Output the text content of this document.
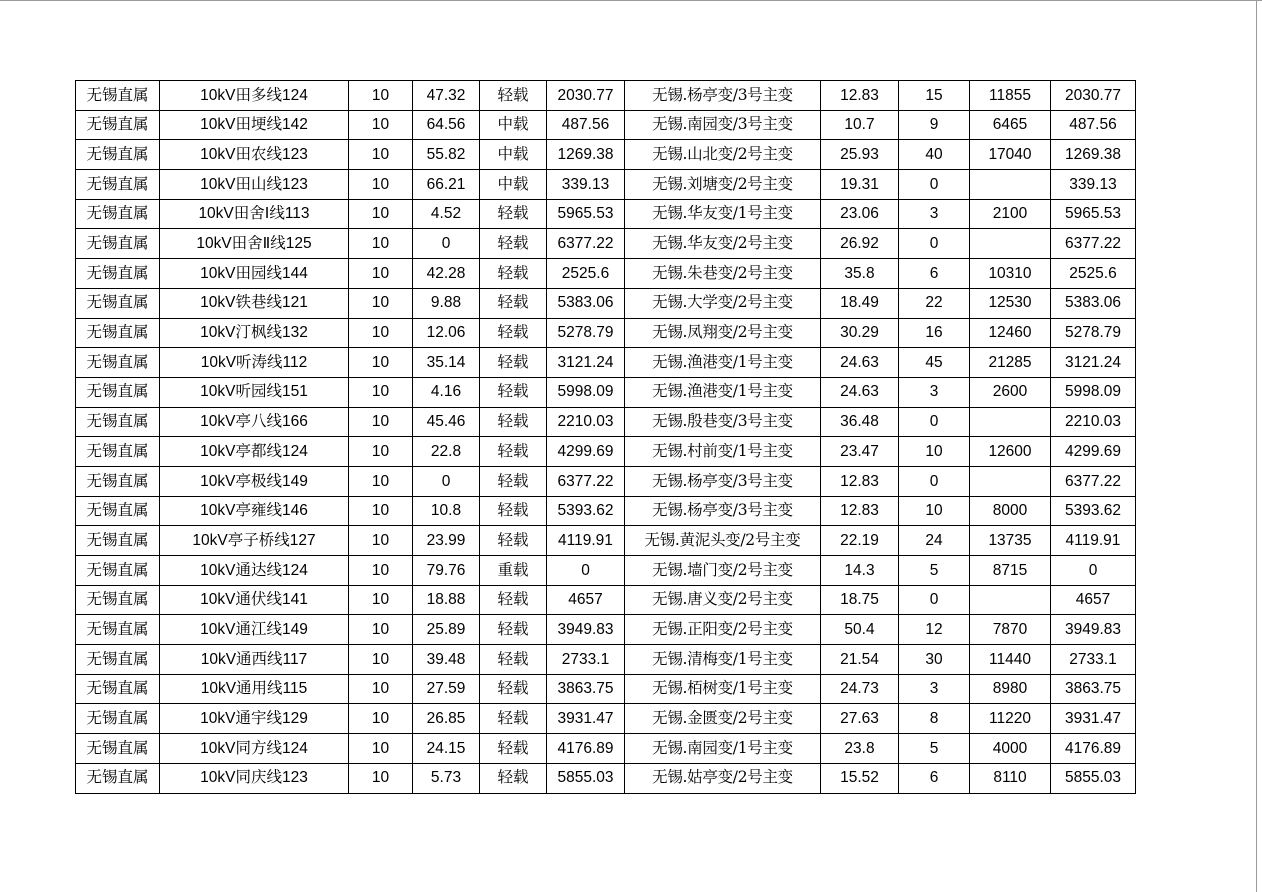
无锡直属	10kV田多线124	10	47.32	轻载	2030.77	无锡.杨亭变/3号主变	12.83	15	11855	2030.77
无锡直属	10kV田埂线142	10	64.56	中载	487.56	无锡.南园变/3号主变	10.7	9	6465	487.56
无锡直属	10kV田农线123	10	55.82	中载	1269.38	无锡.山北变/2号主变	25.93	40	17040	1269.38
无锡直属	10kV田山线123	10	66.21	中载	339.13	无锡.刘塘变/2号主变	19.31	0		339.13
无锡直属	10kV田舍Ⅰ线113	10	4.52	轻载	5965.53	无锡.华友变/1号主变	23.06	3	2100	5965.53
无锡直属	10kV田舍Ⅱ线125	10	0	轻载	6377.22	无锡.华友变/2号主变	26.92	0		6377.22
无锡直属	10kV田园线144	10	42.28	轻载	2525.6	无锡.朱巷变/2号主变	35.8	6	10310	2525.6
无锡直属	10kV铁巷线121	10	9.88	轻载	5383.06	无锡.大学变/2号主变	18.49	22	12530	5383.06
无锡直属	10kV汀枫线132	10	12.06	轻载	5278.79	无锡.凤翔变/2号主变	30.29	16	12460	5278.79
无锡直属	10kV听涛线112	10	35.14	轻载	3121.24	无锡.渔港变/1号主变	24.63	45	21285	3121.24
无锡直属	10kV听园线151	10	4.16	轻载	5998.09	无锡.渔港变/1号主变	24.63	3	2600	5998.09
无锡直属	10kV亭八线166	10	45.46	轻载	2210.03	无锡.殷巷变/3号主变	36.48	0		2210.03
无锡直属	10kV亭都线124	10	22.8	轻载	4299.69	无锡.村前变/1号主变	23.47	10	12600	4299.69
无锡直属	10kV亭极线149	10	0	轻载	6377.22	无锡.杨亭变/3号主变	12.83	0		6377.22
无锡直属	10kV亭雍线146	10	10.8	轻载	5393.62	无锡.杨亭变/3号主变	12.83	10	8000	5393.62
无锡直属	10kV亭子桥线127	10	23.99	轻载	4119.91	无锡.黄泥头变/2号主变	22.19	24	13735	4119.91
无锡直属	10kV通达线124	10	79.76	重载	0	无锡.墙门变/2号主变	14.3	5	8715	0
无锡直属	10kV通伏线141	10	18.88	轻载	4657	无锡.唐义变/2号主变	18.75	0		4657
无锡直属	10kV通江线149	10	25.89	轻载	3949.83	无锡.正阳变/2号主变	50.4	12	7870	3949.83
无锡直属	10kV通西线117	10	39.48	轻载	2733.1	无锡.清梅变/1号主变	21.54	30	11440	2733.1
无锡直属	10kV通用线115	10	27.59	轻载	3863.75	无锡.栢树变/1号主变	24.73	3	8980	3863.75
无锡直属	10kV通宇线129	10	26.85	轻载	3931.47	无锡.金匮变/2号主变	27.63	8	11220	3931.47
无锡直属	10kV同方线124	10	24.15	轻载	4176.89	无锡.南园变/1号主变	23.8	5	4000	4176.89
无锡直属	10kV同庆线123	10	5.73	轻载	5855.03	无锡.姑亭变/2号主变	15.52	6	8110	5855.03
